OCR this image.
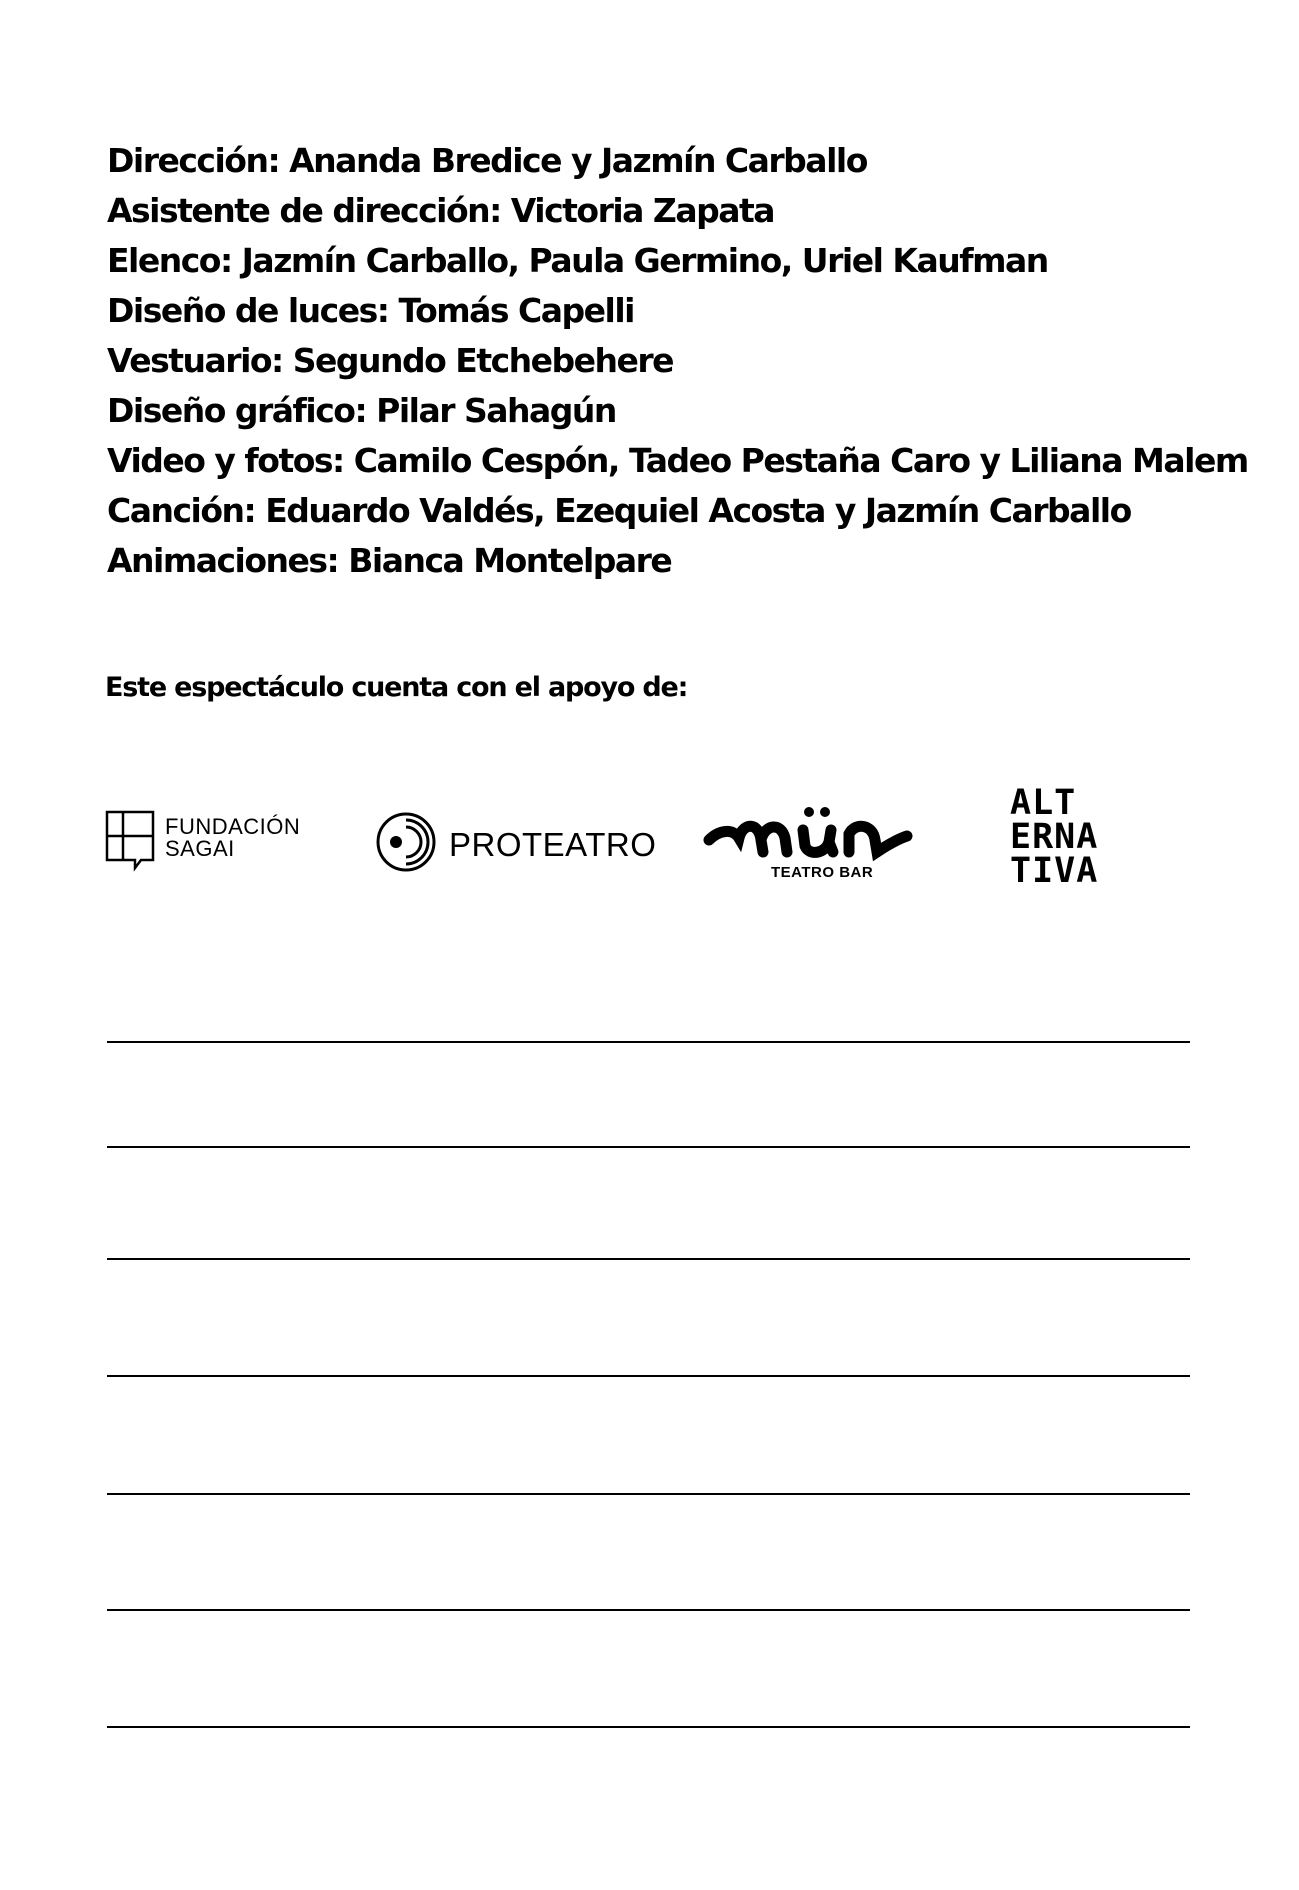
Dirección: Ananda Bredice y Jazmín Carballo
Asistente de dirección: Victoria Zapata
Elenco: Jazmín Carballo, Paula Germino, Uriel Kaufman
Diseño de luces: Tomás Capelli
Vestuario: Segundo Etchebehere
Diseño gráfico: Pilar Sahagún
Video y fotos: Camilo Cespón, Tadeo Pestaña Caro y Liliana Malem
Canción: Eduardo Valdés, Ezequiel Acosta y Jazmín Carballo
Animaciones: Bianca Montelpare
Este espectáculo cuenta con el apoyo de:
FUNDACIÓN
SAGAI	PROTEATRO
TEATRO BAR
ALT
ERNA
TIVA
